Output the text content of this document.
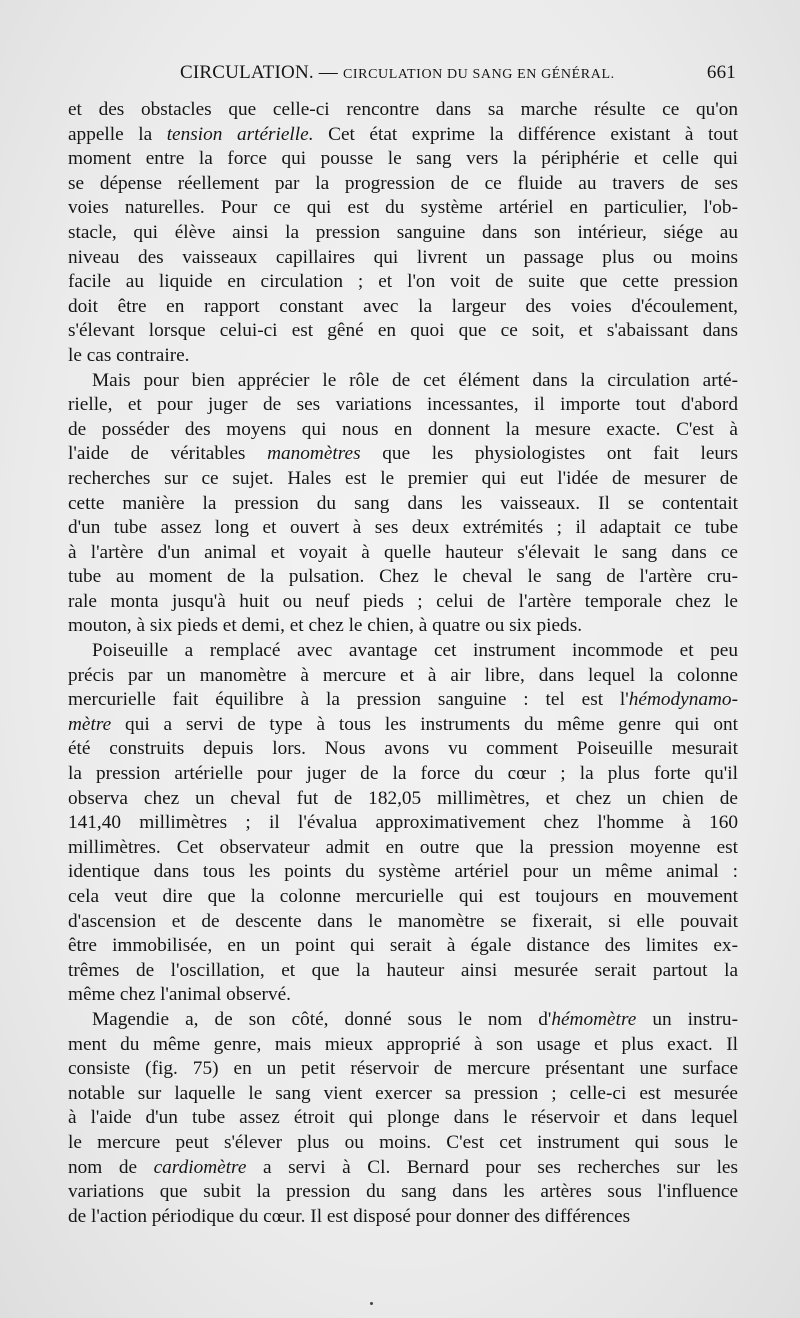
CIRCULATION. — CIRCULATION DU SANG EN GÉNÉRAL.	661
et des obstacles que celle-ci rencontre dans sa marche résulte ce qu'on
appelle la tension artérielle. Cet état exprime la différence existant à tout
moment entre la force qui pousse le sang vers la périphérie et celle qui
se dépense réellement par la progression de ce fluide au travers de ses
voies naturelles. Pour ce qui est du système artériel en particulier, l'ob-
stacle, qui élève ainsi la pression sanguine dans son intérieur, siége au
niveau des vaisseaux capillaires qui livrent un passage plus ou moins
facile au liquide en circulation ; et l'on voit de suite que cette pression
doit être en rapport constant avec la largeur des voies d'écoulement,
s'élevant lorsque celui-ci est gêné en quoi que ce soit, et s'abaissant dans
le cas contraire.
Mais pour bien apprécier le rôle de cet élément dans la circulation arté-
rielle, et pour juger de ses variations incessantes, il importe tout d'abord
de posséder des moyens qui nous en donnent la mesure exacte. C'est à
l'aide de véritables manomètres que les physiologistes ont fait leurs
recherches sur ce sujet. Hales est le premier qui eut l'idée de mesurer de
cette manière la pression du sang dans les vaisseaux. Il se contentait
d'un tube assez long et ouvert à ses deux extrémités ; il adaptait ce tube
à l'artère d'un animal et voyait à quelle hauteur s'élevait le sang dans ce
tube au moment de la pulsation. Chez le cheval le sang de l'artère cru-
rale monta jusqu'à huit ou neuf pieds ; celui de l'artère temporale chez le
mouton, à six pieds et demi, et chez le chien, à quatre ou six pieds.
Poiseuille a remplacé avec avantage cet instrument incommode et peu
précis par un manomètre à mercure et à air libre, dans lequel la colonne
mercurielle fait équilibre à la pression sanguine : tel est l'hémodynamo-
mètre qui a servi de type à tous les instruments du même genre qui ont
été construits depuis lors. Nous avons vu comment Poiseuille mesurait
la pression artérielle pour juger de la force du cœur ; la plus forte qu'il
observa chez un cheval fut de 182,05 millimètres, et chez un chien de
141,40 millimètres ; il l'évalua approximativement chez l'homme à 160
millimètres. Cet observateur admit en outre que la pression moyenne est
identique dans tous les points du système artériel pour un même animal :
cela veut dire que la colonne mercurielle qui est toujours en mouvement
d'ascension et de descente dans le manomètre se fixerait, si elle pouvait
être immobilisée, en un point qui serait à égale distance des limites ex-
trêmes de l'oscillation, et que la hauteur ainsi mesurée serait partout la
même chez l'animal observé.
Magendie a, de son côté, donné sous le nom d'hémomètre un instru-
ment du même genre, mais mieux approprié à son usage et plus exact. Il
consiste (fig. 75) en un petit réservoir de mercure présentant une surface
notable sur laquelle le sang vient exercer sa pression ; celle-ci est mesurée
à l'aide d'un tube assez étroit qui plonge dans le réservoir et dans lequel
le mercure peut s'élever plus ou moins. C'est cet instrument qui sous le
nom de cardiomètre a servi à Cl. Bernard pour ses recherches sur les
variations que subit la pression du sang dans les artères sous l'influence
de l'action périodique du cœur. Il est disposé pour donner des différences
